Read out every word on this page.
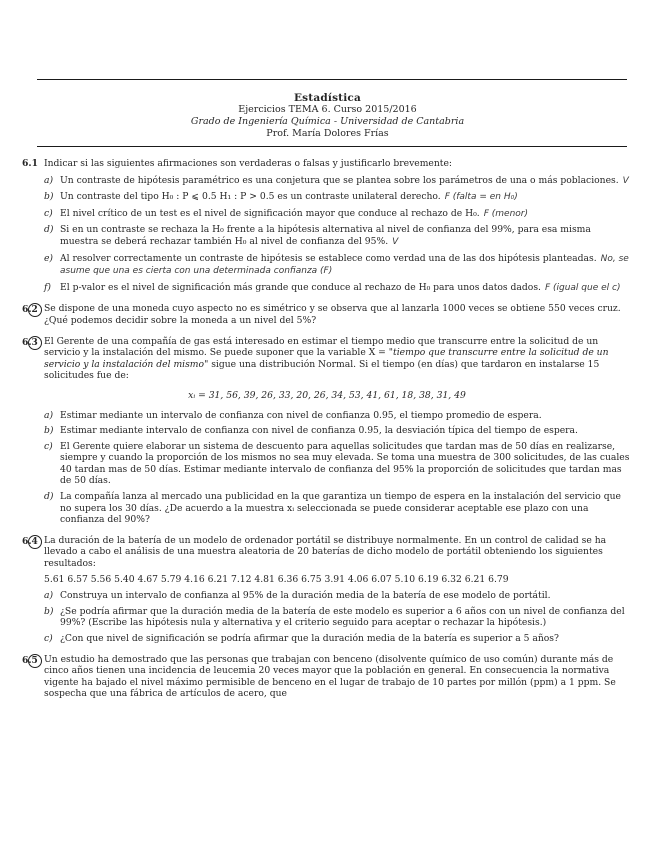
Estadística
Ejercicios TEMA 6. Curso 2015/2016
Grado de Ingeniería Química - Universidad de Cantabria
Prof. María Dolores Frías
6.1 Indicar si las siguientes afirmaciones son verdaderas o falsas y justificarlo brevemente:
a) Un contraste de hipótesis paramétrico es una conjetura que se plantea sobre los parámetros de una o más poblaciones. V
b) Un contraste del tipo H₀ : P ⩽ 0.5 H₁ : P > 0.5 es un contraste unilateral derecho. F (falta = en H₀)
c) El nivel crítico de un test es el nivel de significación mayor que conduce al rechazo de H₀. F (menor)
d) Si en un contraste se rechaza la H₀ frente a la hipótesis alternativa al nivel de confianza del 99%, para esa misma muestra se deberá rechazar también H₀ al nivel de confianza del 95%. V
e) Al resolver correctamente un contraste de hipótesis se establece como verdad una de las dos hipótesis planteadas. No, se asume que una es cierta con una determinada confianza (F)
f) El p-valor es el nivel de significación más grande que conduce al rechazo de H₀ para unos datos dados. F (igual que el c)
6.2 Se dispone de una moneda cuyo aspecto no es simétrico y se observa que al lanzarla 1000 veces se obtiene 550 veces cruz. ¿Qué podemos decidir sobre la moneda a un nivel del 5%?
6.3 El Gerente de una compañía de gas está interesado en estimar el tiempo medio que transcurre entre la solicitud de un servicio y la instalación del mismo. Se puede suponer que la variable X = "tiempo que transcurre entre la solicitud de un servicio y la instalación del mismo" sigue una distribución Normal. Si el tiempo (en días) que tardaron en instalarse 15 solicitudes fue de:
xᵢ = 31, 56, 39, 26, 33, 20, 26, 34, 53, 41, 61, 18, 38, 31, 49
a) Estimar mediante un intervalo de confianza con nivel de confianza 0.95, el tiempo promedio de espera.
b) Estimar mediante intervalo de confianza con nivel de confianza 0.95, la desviación típica del tiempo de espera.
c) El Gerente quiere elaborar un sistema de descuento para aquellas solicitudes que tardan mas de 50 días en realizarse, siempre y cuando la proporción de los mismos no sea muy elevada. Se toma una muestra de 300 solicitudes, de las cuales 40 tardan mas de 50 días. Estimar mediante intervalo de confianza del 95% la proporción de solicitudes que tardan mas de 50 días.
d) La compañía lanza al mercado una publicidad en la que garantiza un tiempo de espera en la instalación del servicio que no supera los 30 días. ¿De acuerdo a la muestra xᵢ seleccionada se puede considerar aceptable ese plazo con una confianza del 90%?
6.4 La duración de la batería de un modelo de ordenador portátil se distribuye normalmente. En un control de calidad se ha llevado a cabo el análisis de una muestra aleatoria de 20 baterías de dicho modelo de portátil obteniendo los siguientes resultados:
5.61 6.57 5.56 5.40 4.67 5.79 4.16 6.21 7.12 4.81 6.36 6.75 3.91 4.06 6.07 5.10 6.19 6.32 6.21 6.79
a) Construya un intervalo de confianza al 95% de la duración media de la batería de ese modelo de portátil.
b) ¿Se podría afirmar que la duración media de la batería de este modelo es superior a 6 años con un nivel de confianza del 99%? (Escribe las hipótesis nula y alternativa y el criterio seguido para aceptar o rechazar la hipótesis.)
c) ¿Con que nivel de significación se podría afirmar que la duración media de la batería es superior a 5 años?
6.5 Un estudio ha demostrado que las personas que trabajan con benceno (disolvente químico de uso común) durante más de cinco años tienen una incidencia de leucemia 20 veces mayor que la población en general. En consecuencia la normativa vigente ha bajado el nivel máximo permisible de benceno en el lugar de trabajo de 10 partes por millón (ppm) a 1 ppm. Se sospecha que una fábrica de artículos de acero, que
